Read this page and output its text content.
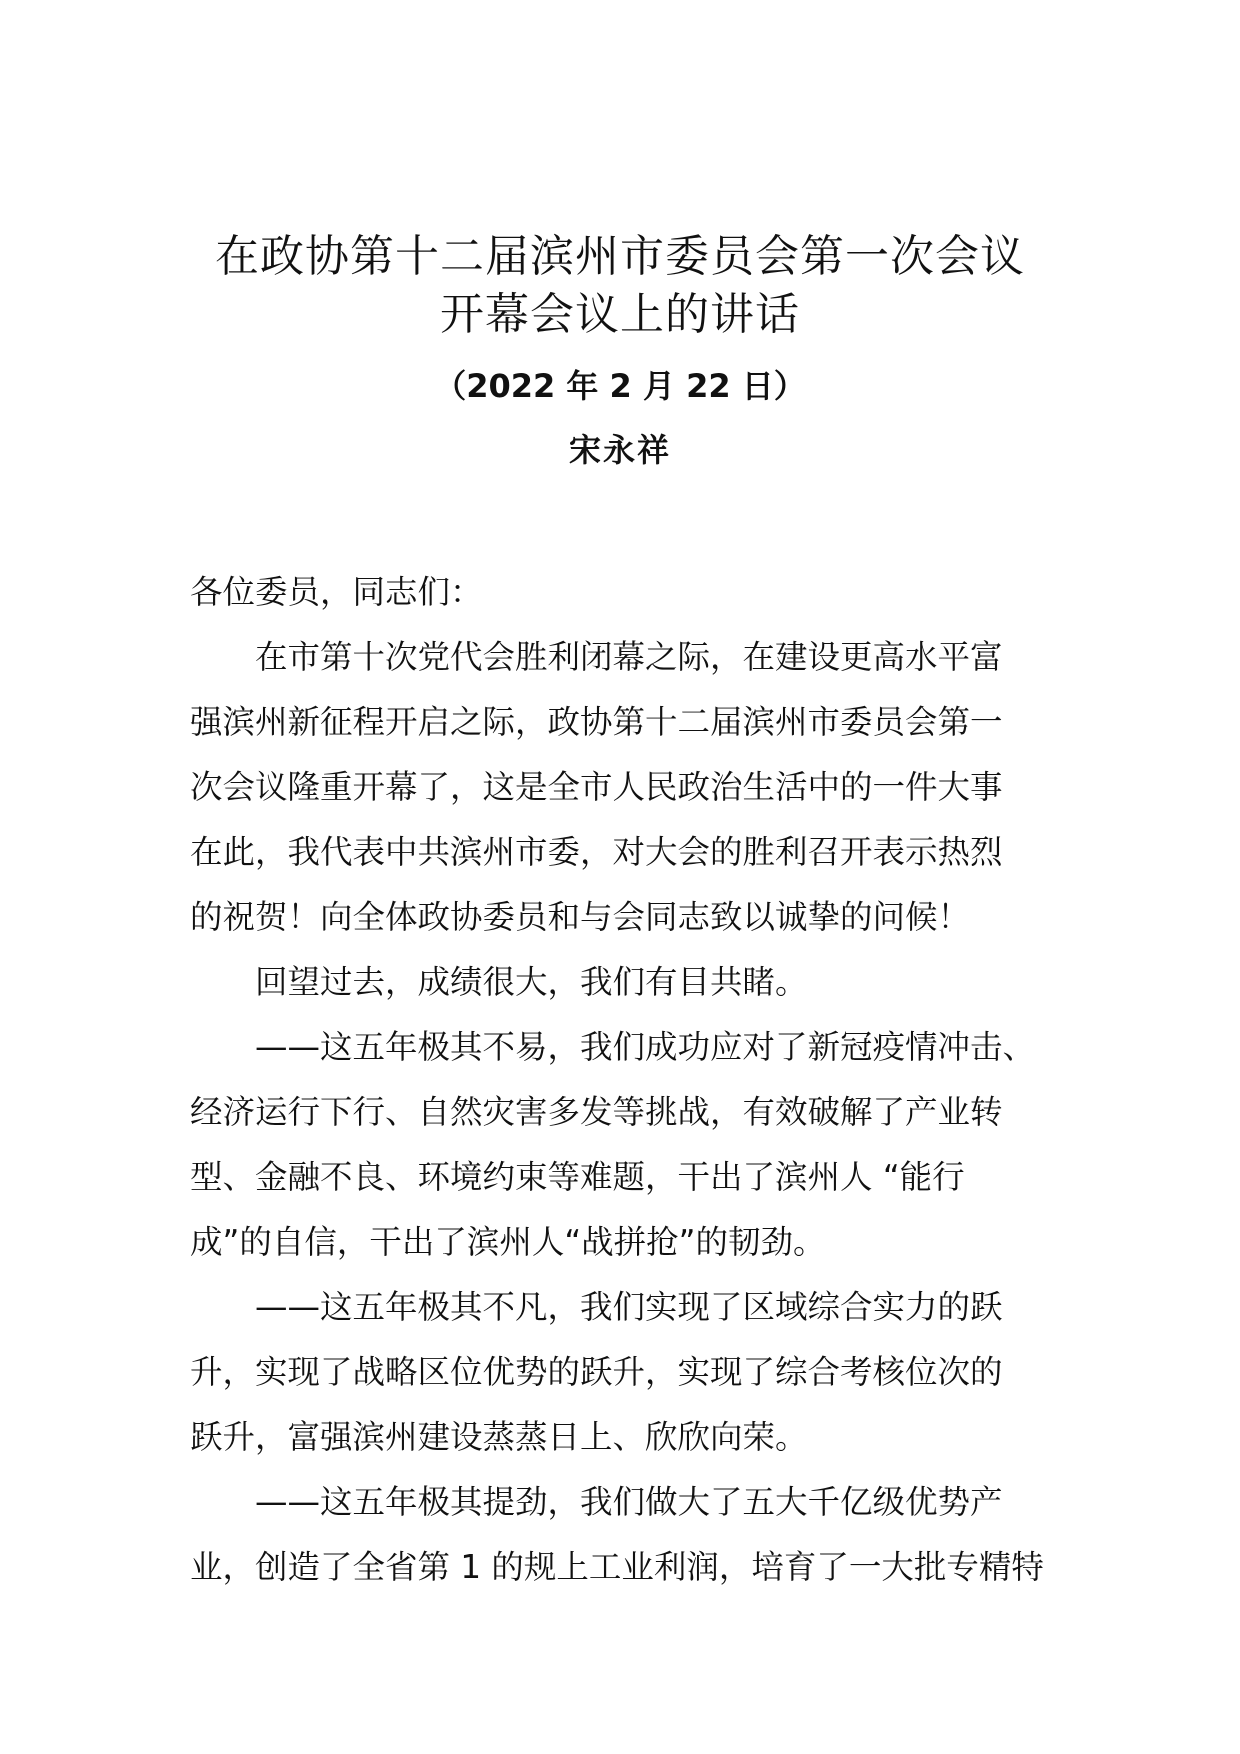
在政协第十二届滨州市委员会第一次会议
开幕会议上的讲话
（2022 年 2 月 22 日）
宋永祥
各位委员，同志们：
在市第十次党代会胜利闭幕之际，在建设更高水平富
强滨州新征程开启之际，政协第十二届滨州市委员会第一
次会议隆重开幕了，这是全市人民政治生活中的一件大事
在此，我代表中共滨州市委，对大会的胜利召开表示热烈
的祝贺！向全体政协委员和与会同志致以诚挚的问候！
回望过去，成绩很大，我们有目共睹。
——这五年极其不易，我们成功应对了新冠疫情冲击、
经济运行下行、自然灾害多发等挑战，有效破解了产业转
型、金融不良、环境约束等难题，干出了滨州人 “能行
成”的自信，干出了滨州人“战拼抢”的韧劲。
——这五年极其不凡，我们实现了区域综合实力的跃
升，实现了战略区位优势的跃升，实现了综合考核位次的
跃升，富强滨州建设蒸蒸日上、欣欣向荣。
——这五年极其提劲，我们做大了五大千亿级优势产
业，创造了全省第 1 的规上工业利润，培育了一大批专精特
